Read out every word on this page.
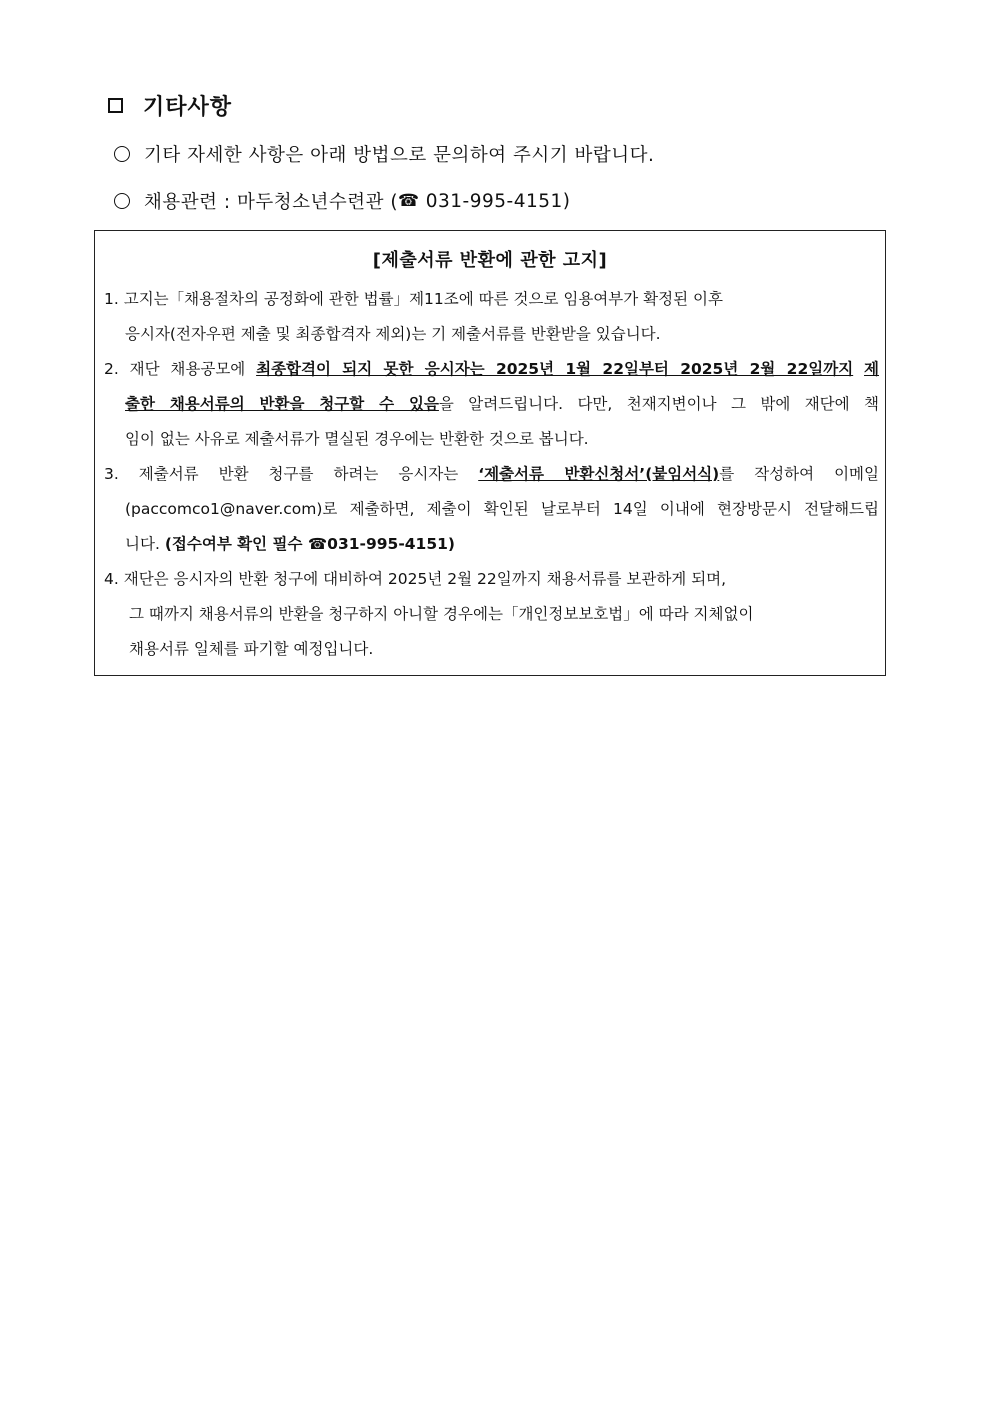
기타사항
기타 자세한 사항은 아래 방법으로 문의하여 주시기 바랍니다.
채용관련 : 마두청소년수련관 ( ☎ 031-995-4151)
[제출서류 반환에 관한 고지]
1. 고지는「채용절차의 공정화에 관한 법률」제11조에 따른 것으로 임용여부가 확정된 이후
응시자(전자우편 제출 및 최종합격자 제외)는 기 제출서류를 반환받을 있습니다.
2. 재단 채용공모에 최종합격이 되지 못한 응시자는 2025년 1월 22일부터 2025년 2월 22일까지 제
출한 채용서류의 반환을 청구할 수 있음을 알려드립니다. 다만, 천재지변이나 그 밖에 재단에 책
임이 없는 사유로 제출서류가 멸실된 경우에는 반환한 것으로 봅니다.
3. 제출서류 반환 청구를 하려는 응시자는 ‘제출서류 반환신청서’(붙임서식)를 작성하여 이메일
(paccomco1@naver.com)로 제출하면, 제출이 확인된 날로부터 14일 이내에 현장방문시 전달해드립
니다. (접수여부 확인 필수 ☎031-995-4151)
4. 재단은 응시자의 반환 청구에 대비하여 2025년 2월 22일까지 채용서류를 보관하게 되며,
그 때까지 채용서류의 반환을 청구하지 아니할 경우에는「개인정보보호법」에 따라 지체없이
채용서류 일체를 파기할 예정입니다.
